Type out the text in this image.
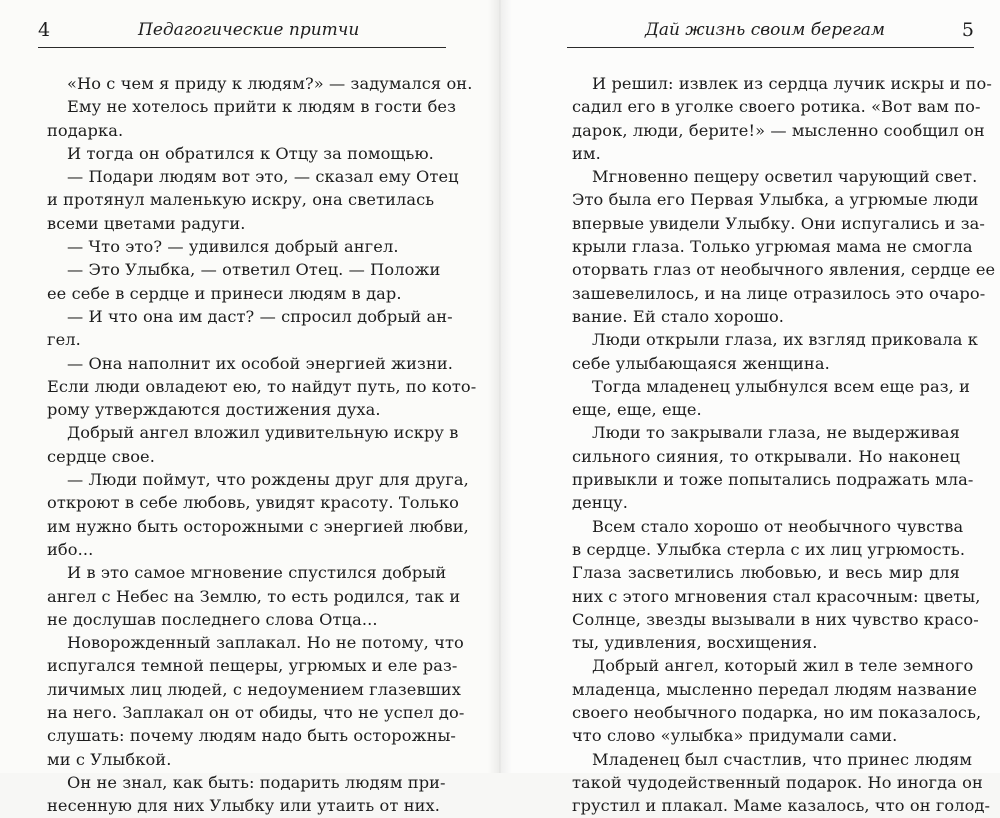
4	Педагогические притчи
«Но с чем я приду к людям?» — задумался он.
Ему не хотелось прийти к людям в гости без
подарка.
И тогда он обратился к Отцу за помощью.
— Подари людям вот это, — сказал ему Отец
и протянул маленькую искру, она светилась
всеми цветами радуги.
— Что это? — удивился добрый ангел.
— Это Улыбка, — ответил Отец. — Положи
ее себе в сердце и принеси людям в дар.
— И что она им даст? — спросил добрый ан-
гел.
— Она наполнит их особой энергией жизни.
Если люди овладеют ею, то найдут путь, по кото-
рому утверждаются достижения духа.
Добрый ангел вложил удивительную искру в
сердце свое.
— Люди поймут, что рождены друг для друга,
откроют в себе любовь, увидят красоту. Только
им нужно быть осторожными с энергией любви,
ибо...
И в это самое мгновение спустился добрый
ангел с Небес на Землю, то есть родился, так и
не дослушав последнего слова Отца...
Новорожденный заплакал. Но не потому, что
испугался темной пещеры, угрюмых и еле раз-
личимых лиц людей, с недоумением глазевших
на него. Заплакал он от обиды, что не успел до-
слушать: почему людям надо быть осторожны-
ми с Улыбкой.
Он не знал, как быть: подарить людям при-
несенную для них Улыбку или утаить от них.
Дай жизнь своим берегам	5
И решил: извлек из сердца лучик искры и по-
садил его в уголке своего ротика. «Вот вам по-
дарок, люди, берите!» — мысленно сообщил он
им.
Мгновенно пещеру осветил чарующий свет.
Это была его Первая Улыбка, а угрюмые люди
впервые увидели Улыбку. Они испугались и за-
крыли глаза. Только угрюмая мама не смогла
оторвать глаз от необычного явления, сердце ее
зашевелилось, и на лице отразилось это очаро-
вание. Ей стало хорошо.
Люди открыли глаза, их взгляд приковала к
себе улыбающаяся женщина.
Тогда младенец улыбнулся всем еще раз, и
еще, еще, еще.
Люди то закрывали глаза, не выдерживая
сильного сияния, то открывали. Но наконец
привыкли и тоже попытались подражать мла-
денцу.
Всем стало хорошо от необычного чувства
в сердце. Улыбка стерла с их лиц угрюмость.
Глаза засветились любовью, и весь мир для
них с этого мгновения стал красочным: цветы,
Солнце, звезды вызывали в них чувство красо-
ты, удивления, восхищения.
Добрый ангел, который жил в теле земного
младенца, мысленно передал людям название
своего необычного подарка, но им показалось,
что слово «улыбка» придумали сами.
Младенец был счастлив, что принес людям
такой чудодейственный подарок. Но иногда он
грустил и плакал. Маме казалось, что он голод-
